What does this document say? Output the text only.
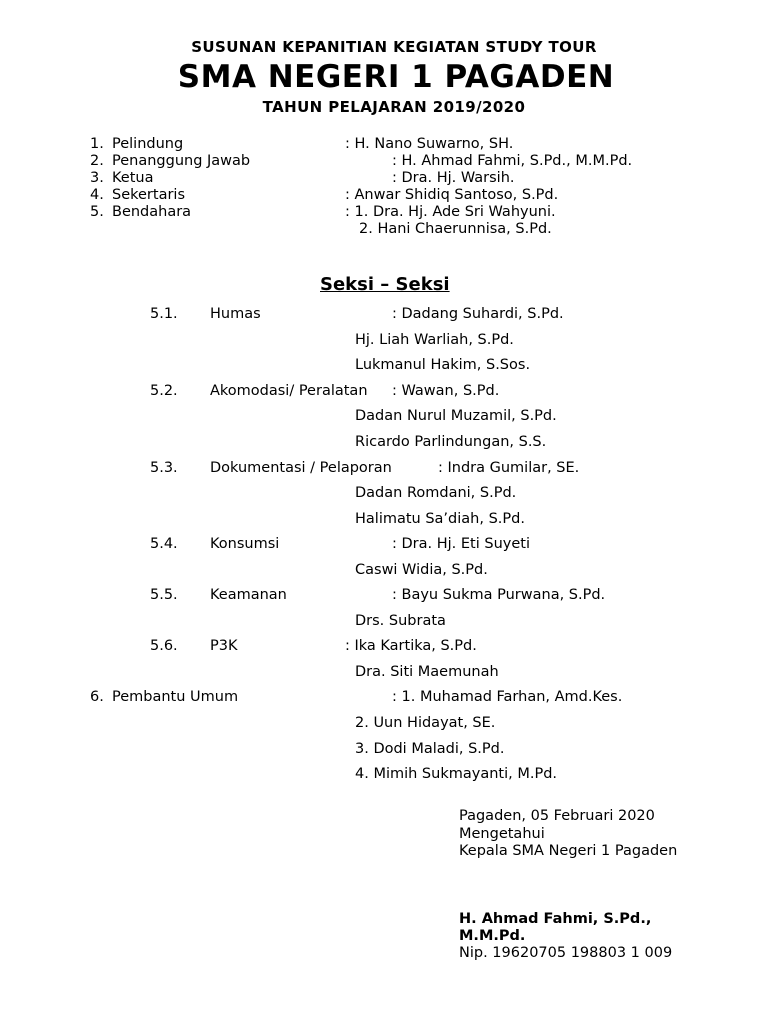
SUSUNAN KEPANITIAN KEGIATAN STUDY TOUR
SMA NEGERI 1 PAGADEN
TAHUN PELAJARAN 2019/2020
1. Pelindung	: H. Nano Suwarno, SH.
2. Penanggung Jawab	: H. Ahmad Fahmi, S.Pd., M.M.Pd.
3. Ketua	: Dra. Hj. Warsih.
4. Sekertaris	: Anwar Shidiq Santoso, S.Pd.
5. Bendahara	: 1. Dra. Hj. Ade Sri Wahyuni.
2. Hani Chaerunnisa, S.Pd.
Seksi – Seksi
5.1. Humas	: Dadang Suhardi, S.Pd.
Hj. Liah Warliah, S.Pd.
Lukmanul Hakim, S.Sos.
5.2. Akomodasi/ Peralatan : Wawan, S.Pd.
Dadan Nurul Muzamil, S.Pd.
Ricardo Parlindungan, S.S.
5.3. Dokumentasi / Pelaporan	: Indra Gumilar, SE.
Dadan Romdani, S.Pd.
Halimatu Sa’diah, S.Pd.
5.4. Konsumsi	: Dra. Hj. Eti Suyeti
Caswi Widia, S.Pd.
5.5. Keamanan	: Bayu Sukma Purwana, S.Pd.
Drs. Subrata
5.6. P3K	: Ika Kartika, S.Pd.
Dra. Siti Maemunah
6. Pembantu Umum	: 1. Muhamad Farhan, Amd.Kes.
2. Uun Hidayat, SE.
3. Dodi Maladi, S.Pd.
4. Mimih Sukmayanti, M.Pd.
Pagaden, 05 Februari 2020
Mengetahui
Kepala SMA Negeri 1 Pagaden
H. Ahmad Fahmi, S.Pd.,
M.M.Pd.
Nip. 19620705 198803 1 009
